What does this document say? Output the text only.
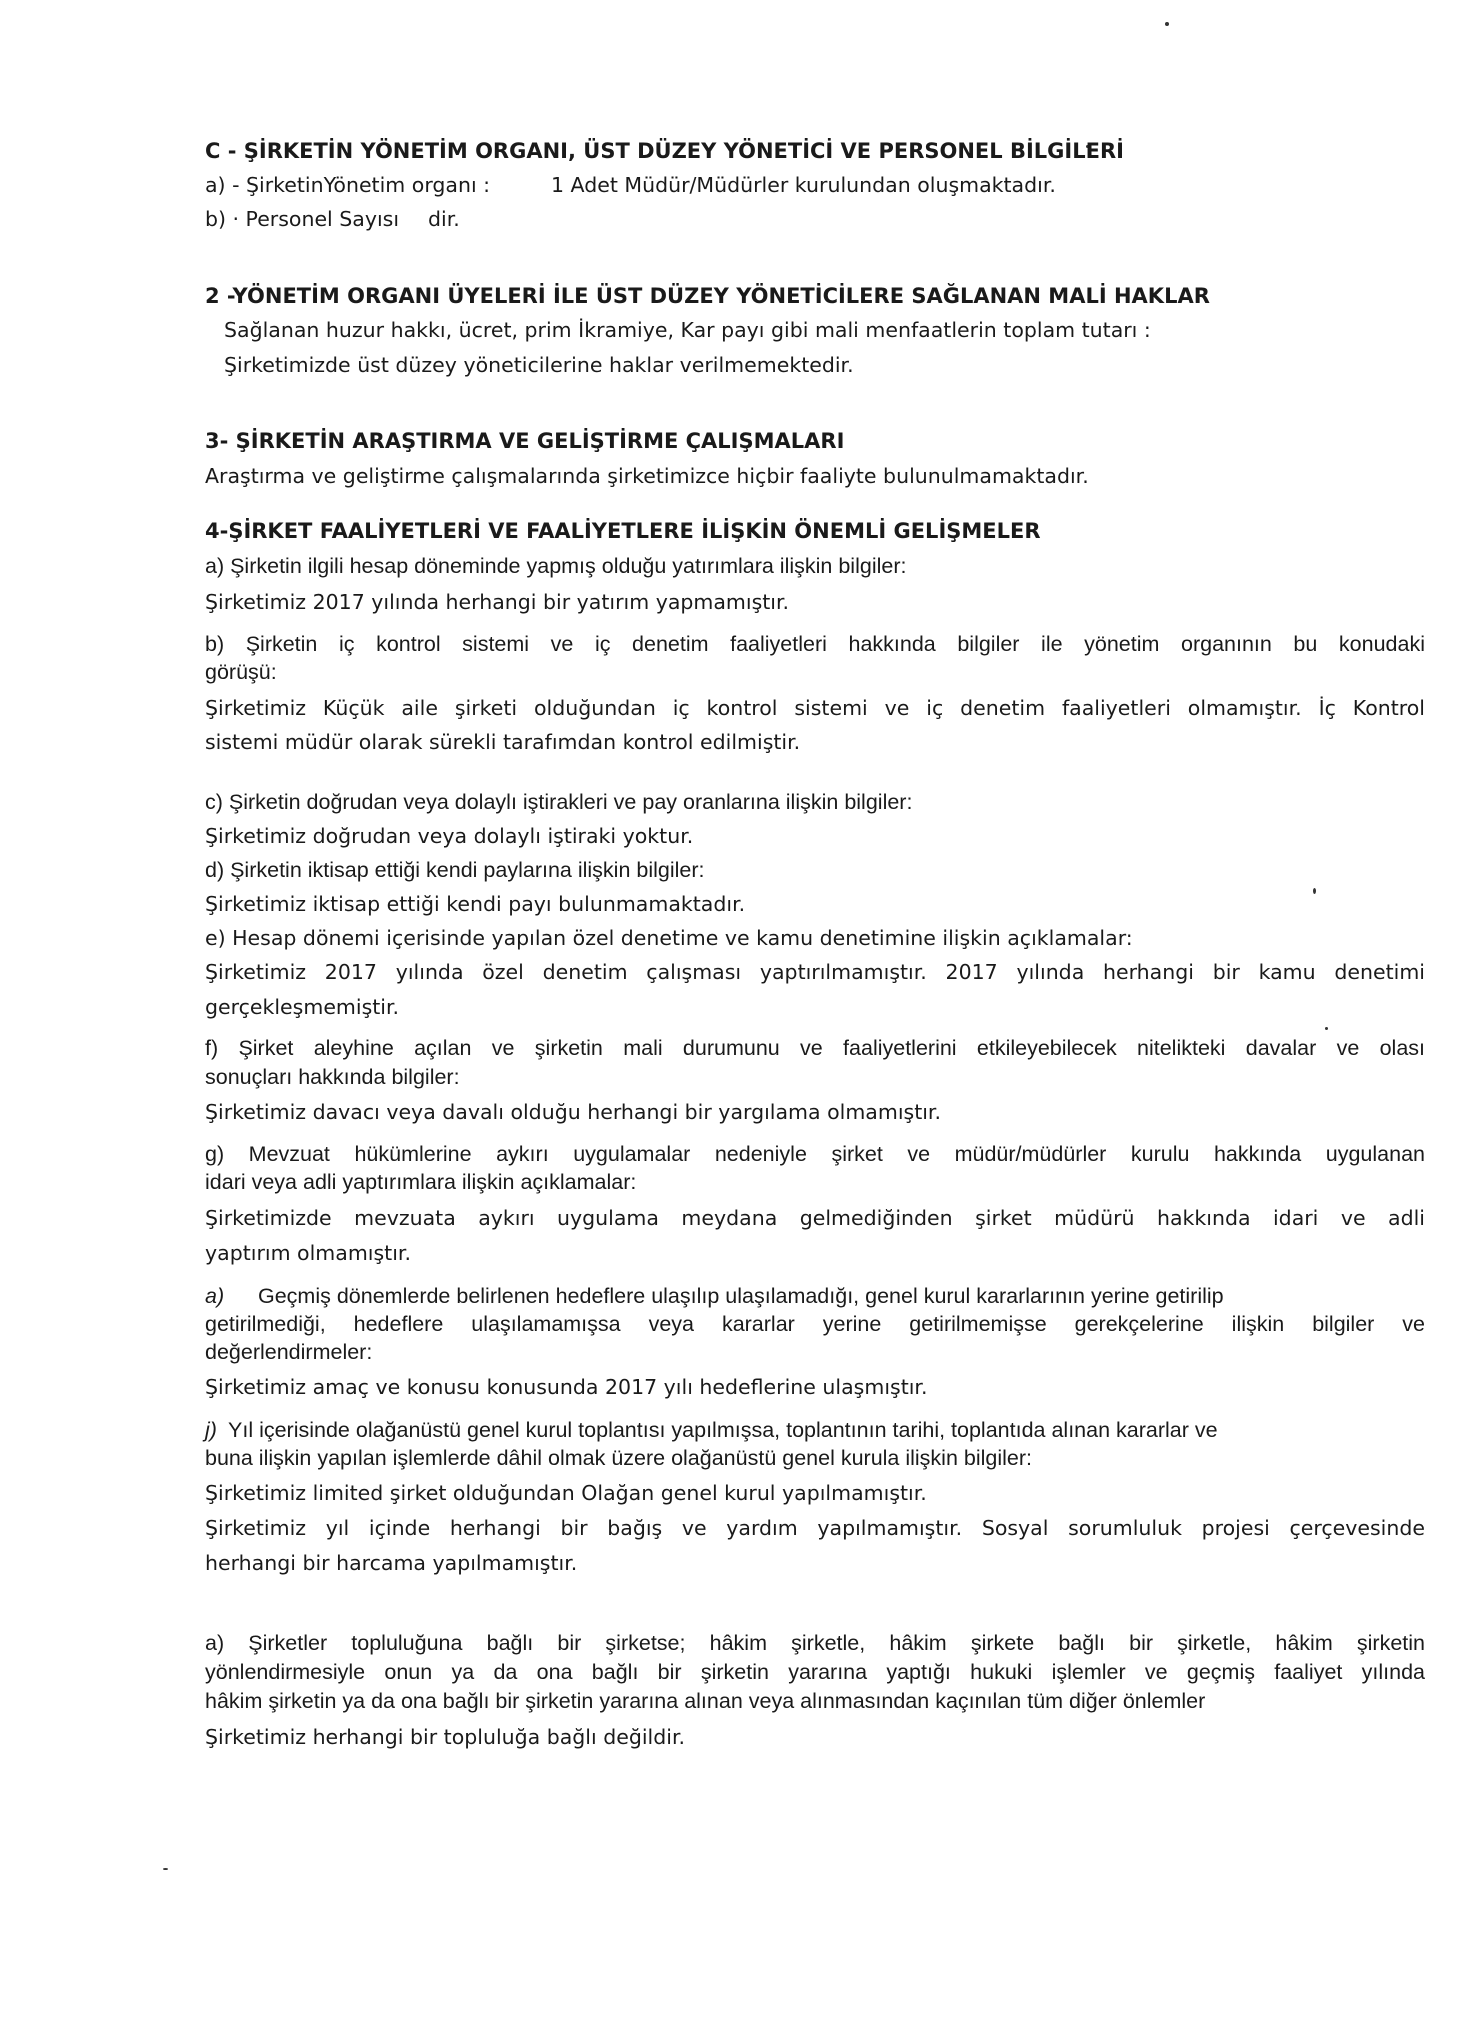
C - ŞİRKETİN YÖNETİM ORGANI, ÜST DÜZEY YÖNETİCİ VE PERSONEL BİLGİLERİ
a) - ŞirketinYönetim organı :	1 Adet Müdür/Müdürler kurulundan oluşmaktadır.
b) · Personel Sayısı dir.
2 -YÖNETİM ORGANI ÜYELERİ İLE ÜST DÜZEY YÖNETİCİLERE SAĞLANAN MALİ HAKLAR
Sağlanan huzur hakkı, ücret, prim İkramiye, Kar payı gibi mali menfaatlerin toplam tutarı :
Şirketimizde üst düzey yöneticilerine haklar verilmemektedir.
3- ŞİRKETİN ARAŞTIRMA VE GELİŞTİRME ÇALIŞMALARI
Araştırma ve geliştirme çalışmalarında şirketimizce hiçbir faaliyte bulunulmamaktadır.
4-ŞİRKET FAALİYETLERİ VE FAALİYETLERE İLİŞKİN ÖNEMLİ GELİŞMELER
a) Şirketin ilgili hesap döneminde yapmış olduğu yatırımlara ilişkin bilgiler:
Şirketimiz 2017 yılında herhangi bir yatırım yapmamıştır.
b) Şirketin iç kontrol sistemi ve iç denetim faaliyetleri hakkında bilgiler ile yönetim organının bu konudaki
görüşü:
Şirketimiz Küçük aile şirketi olduğundan iç kontrol sistemi ve iç denetim faaliyetleri olmamıştır. İç Kontrol
sistemi müdür olarak sürekli tarafımdan kontrol edilmiştir.
c) Şirketin doğrudan veya dolaylı iştirakleri ve pay oranlarına ilişkin bilgiler:
Şirketimiz doğrudan veya dolaylı iştiraki yoktur.
d) Şirketin iktisap ettiği kendi paylarına ilişkin bilgiler:
Şirketimiz iktisap ettiği kendi payı bulunmamaktadır.
e) Hesap dönemi içerisinde yapılan özel denetime ve kamu denetimine ilişkin açıklamalar:
Şirketimiz 2017 yılında özel denetim çalışması yaptırılmamıştır. 2017 yılında herhangi bir kamu denetimi
gerçekleşmemiştir.
f) Şirket aleyhine açılan ve şirketin mali durumunu ve faaliyetlerini etkileyebilecek nitelikteki davalar ve olası
sonuçları hakkında bilgiler:
Şirketimiz davacı veya davalı olduğu herhangi bir yargılama olmamıştır.
g) Mevzuat hükümlerine aykırı uygulamalar nedeniyle şirket ve müdür/müdürler kurulu hakkında uygulanan
idari veya adli yaptırımlara ilişkin açıklamalar:
Şirketimizde mevzuata aykırı uygulama meydana gelmediğinden şirket müdürü hakkında idari ve adli
yaptırım olmamıştır.
a) Geçmiş dönemlerde belirlenen hedeflere ulaşılıp ulaşılamadığı, genel kurul kararlarının yerine getirilip
getirilmediği, hedeflere ulaşılamamışsa veya kararlar yerine getirilmemişse gerekçelerine ilişkin bilgiler ve
değerlendirmeler:
Şirketimiz amaç ve konusu konusunda 2017 yılı hedeflerine ulaşmıştır.
j) Yıl içerisinde olağanüstü genel kurul toplantısı yapılmışsa, toplantının tarihi, toplantıda alınan kararlar ve
buna ilişkin yapılan işlemlerde dâhil olmak üzere olağanüstü genel kurula ilişkin bilgiler:
Şirketimiz limited şirket olduğundan Olağan genel kurul yapılmamıştır.
Şirketimiz yıl içinde herhangi bir bağış ve yardım yapılmamıştır. Sosyal sorumluluk projesi çerçevesinde
herhangi bir harcama yapılmamıştır.
a) Şirketler topluluğuna bağlı bir şirketse; hâkim şirketle, hâkim şirkete bağlı bir şirketle, hâkim şirketin
yönlendirmesiyle onun ya da ona bağlı bir şirketin yararına yaptığı hukuki işlemler ve geçmiş faaliyet yılında
hâkim şirketin ya da ona bağlı bir şirketin yararına alınan veya alınmasından kaçınılan tüm diğer önlemler
Şirketimiz herhangi bir topluluğa bağlı değildir.
